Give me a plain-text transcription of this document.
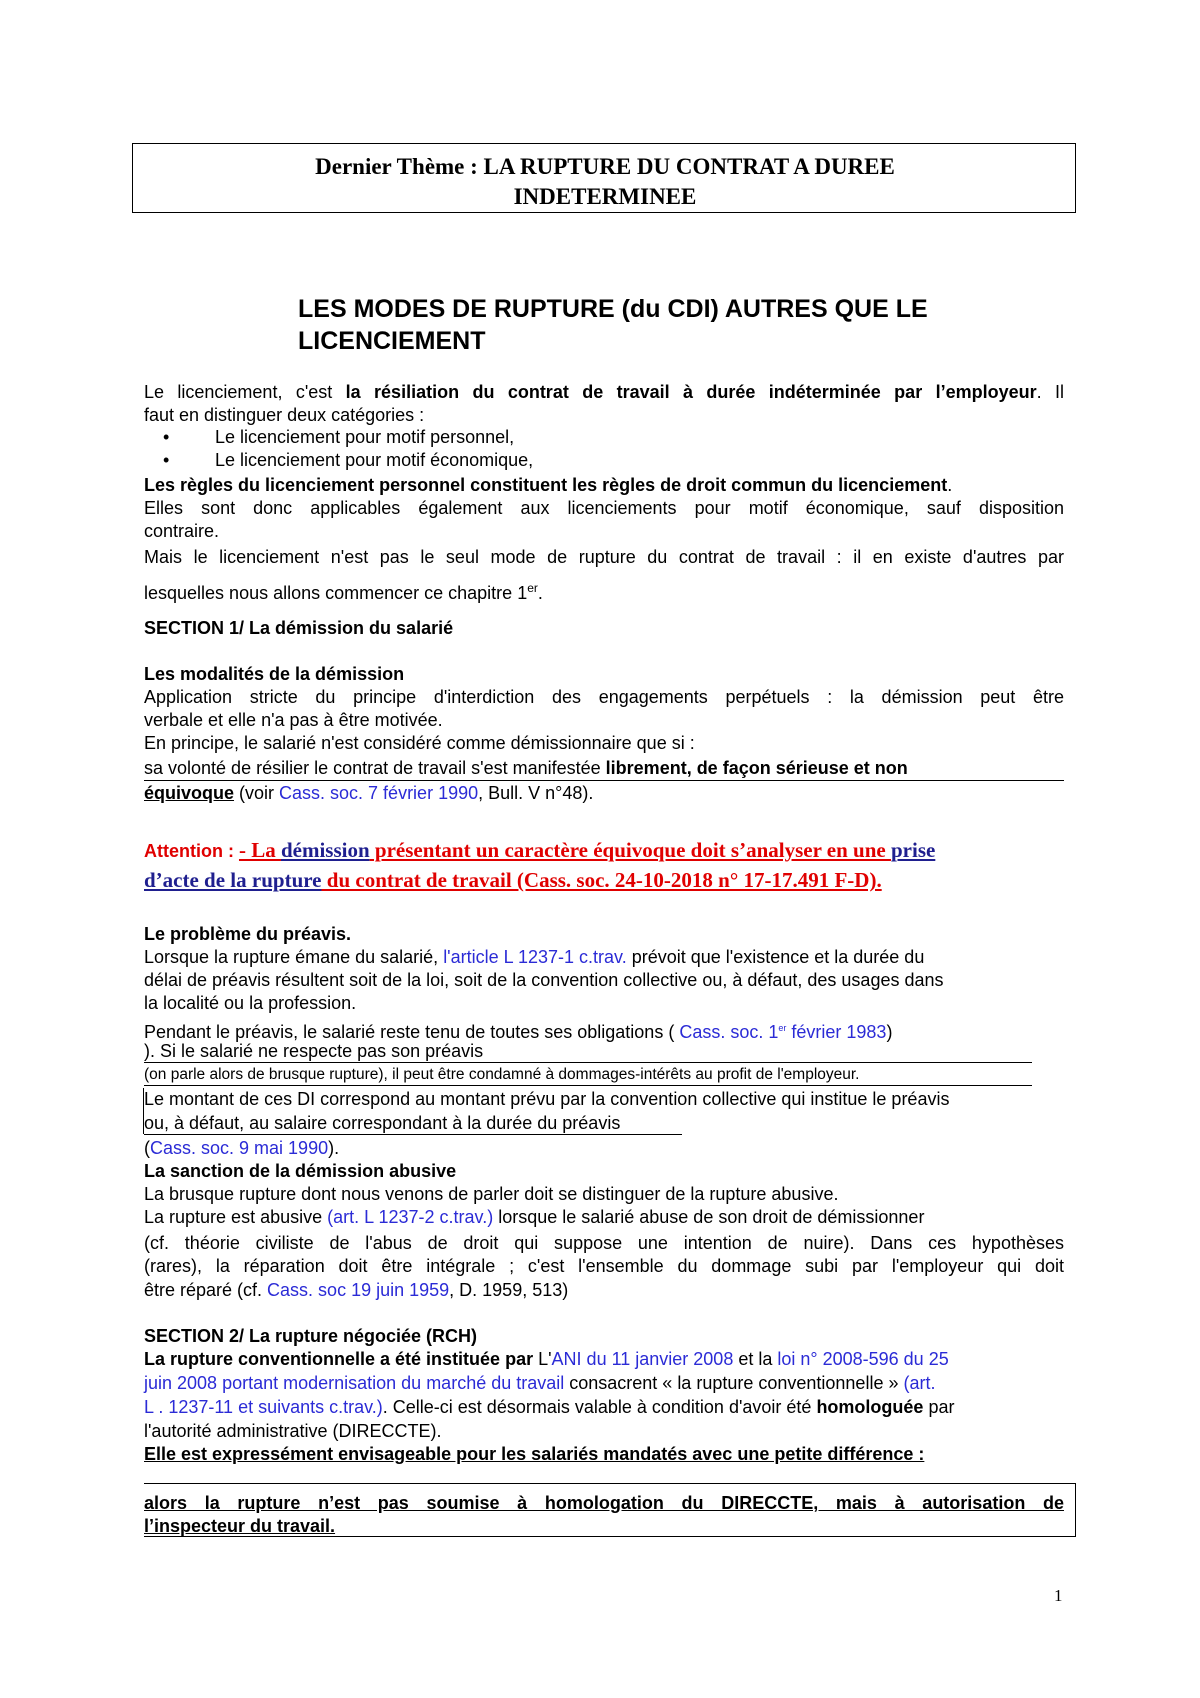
Dernier Thème : LA RUPTURE DU CONTRAT A DUREE
INDETERMINEE
LES MODES DE RUPTURE (du CDI) AUTRES QUE LE
LICENCIEMENT
Le licenciement, c'est la résiliation du contrat de travail à durée indéterminée par l’employeur. Il
faut en distinguer deux catégories :
•	Le licenciement pour motif personnel,
•	Le licenciement pour motif économique,
Les règles du licenciement personnel constituent les règles de droit commun du licenciement.
Elles sont donc applicables également aux licenciements pour motif économique, sauf disposition
contraire.
Mais le licenciement n'est pas le seul mode de rupture du contrat de travail : il en existe d'autres par
lesquelles nous allons commencer ce chapitre 1er.
SECTION 1/ La démission du salarié
Les modalités de la démission
Application stricte du principe d'interdiction des engagements perpétuels : la démission peut être
verbale et elle n'a pas à être motivée.
En principe, le salarié n'est considéré comme démissionnaire que si :
sa volonté de résilier le contrat de travail s'est manifestée librement, de façon sérieuse et non
équivoque (voir Cass. soc. 7 février 1990, Bull. V n°48).
Attention : - La démission présentant un caractère équivoque doit s’analyser en une prise
d’acte de la rupture du contrat de travail (Cass. soc. 24-10-2018 n° 17-17.491 F-D).
Le problème du préavis.
Lorsque la rupture émane du salarié, l'article L 1237-1 c.trav. prévoit que l'existence et la durée du
délai de préavis résultent soit de la loi, soit de la convention collective ou, à défaut, des usages dans
la localité ou la profession.
Pendant le préavis, le salarié reste tenu de toutes ses obligations ( Cass. soc. 1er février 1983)
). Si le salarié ne respecte pas son préavis
(on parle alors de brusque rupture), il peut être condamné à dommages-intérêts au profit de l'employeur.
Le montant de ces DI correspond au montant prévu par la convention collective qui institue le préavis
ou, à défaut, au salaire correspondant à la durée du préavis
(Cass. soc. 9 mai 1990).
La sanction de la démission abusive
La brusque rupture dont nous venons de parler doit se distinguer de la rupture abusive.
La rupture est abusive (art. L 1237-2 c.trav.) lorsque le salarié abuse de son droit de démissionner
(cf. théorie civiliste de l'abus de droit qui suppose une intention de nuire). Dans ces hypothèses
(rares), la réparation doit être intégrale ; c'est l'ensemble du dommage subi par l'employeur qui doit
être réparé (cf. Cass. soc 19 juin 1959, D. 1959, 513)
SECTION 2/ La rupture négociée (RCH)
La rupture conventionnelle a été instituée par L'ANI du 11 janvier 2008 et la loi n° 2008-596 du 25
juin 2008 portant modernisation du marché du travail consacrent « la rupture conventionnelle » (art.
L . 1237-11 et suivants c.trav.). Celle-ci est désormais valable à condition d'avoir été homologuée par
l'autorité administrative (DIRECCTE).
Elle est expressément envisageable pour les salariés mandatés avec une petite différence :
alors la rupture n’est pas soumise à homologation du DIRECCTE, mais à autorisation de
l’inspecteur du travail.
1
